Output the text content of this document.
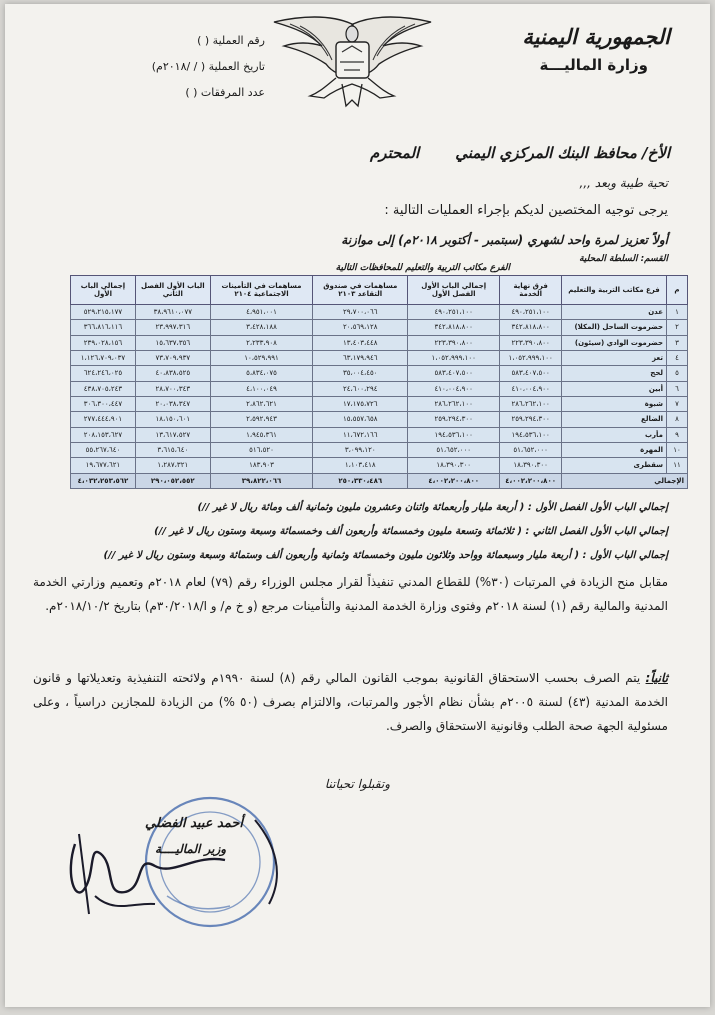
الجمهورية اليمنية
وزارة الماليـــة
رقم العملية ( )
تاريخ العملية ( / /٢٠١٨م)
عدد المرفقات ( )
الأخ/ محافظ البنك المركزي اليمني
المحترم
تحية طيبة وبعد ,,,
يرجى توجيه المختصين لديكم بإجراء العمليات التالية :
أولاً تعزيز لمرة واحد لشهري (سبتمبر - أكتوبر ٢٠١٨م) إلى موازنة
القسم: السلطة المحلية
الفرع مكاتب التربية والتعليم للمحافظات التالية
م	فرع مكاتب التربية والتعليم	فرق نهاية الخدمة	إجمالي الباب الأول الفصل الأول	مساهمات في صندوق التقاعد ٢١٠٣	مساهمات في التأمينات الاجتماعية ٢١٠٤	الباب الأول الفصل الثاني	إجمالي الباب الأول
١	عدن	٤٩٠،٢٥١،١٠٠	٤٩٠،٢٥١،١٠٠	٢٩،٧٠٠،٠٦٦	٤،٩٥١،٠٠١	٣٨،٩٦١٠،٠٧٧	٥٢٩،٢١٥،١٧٧
٢	حضرموت الساحل (المكلا)	٣٤٢،٨١٨،٨٠٠	٣٤٢،٨١٨،٨٠٠	٢٠،٥٦٩،١٢٨	٣،٤٢٨،١٨٨	٢٣،٩٩٧،٣١٦	٣٦٦،٨١٦،١١٦
٣	حضرموت الوادي (سيئون)	٢٢٣،٣٩٠،٨٠٠	٢٢٣،٣٩٠،٨٠٠	١٣،٤٠٣،٤٤٨	٢،٢٣٣،٩٠٨	١٥،٦٣٧،٣٥٦	٢٣٩،٠٢٨،١٥٦
٤	تعز	١،٠٥٢،٩٩٩،١٠٠	١،٠٥٢،٩٩٩،١٠٠	٦٣،١٧٩،٩٤٦	١٠،٥٢٩،٩٩١	٧٣،٧٠٩،٩٣٧	١،١٢٦،٧٠٩،٠٣٧
٥	لحج	٥٨٣،٤٠٧،٥٠٠	٥٨٣،٤٠٧،٥٠٠	٣٥،٠٠٤،٤٥٠	٥،٨٣٤،٠٧٥	٤٠،٨٣٨،٥٢٥	٦٢٤،٢٤٦،٠٢٥
٦	أبين	٤١٠،٠٠٤،٩٠٠	٤١٠،٠٠٤،٩٠٠	٢٤،٦٠٠،٢٩٤	٤،١٠٠،٠٤٩	٢٨،٧٠٠،٣٤٣	٤٣٨،٧٠٥،٢٤٣
٧	شبوة	٢٨٦،٢٦٢،١٠٠	٢٨٦،٢٦٢،١٠٠	١٧،١٧٥،٧٢٦	٢،٨٦٢،٦٢١	٢٠،٠٣٨،٣٤٧	٣٠٦،٣٠٠،٤٤٧
٨	الضالع	٢٥٩،٢٩٤،٣٠٠	٢٥٩،٢٩٤،٣٠٠	١٥،٥٥٧،٦٥٨	٢،٥٩٢،٩٤٣	١٨،١٥٠،٦٠١	٢٧٧،٤٤٤،٩٠١
٩	مأرب	١٩٤،٥٣٦،١٠٠	١٩٤،٥٣٦،١٠٠	١١،٦٧٢،١٦٦	١،٩٤٥،٣٦١	١٣،٦١٧،٥٢٧	٢٠٨،١٥٣،٦٢٧
١٠	المهرة	٥١،٦٥٢،٠٠٠	٥١،٦٥٢،٠٠٠	٣،٠٩٩،١٢٠	٥١٦،٥٢٠	٣،٦١٥،٦٤٠	٥٥،٢٦٧،٦٤٠
١١	سقطرى	١٨،٣٩٠،٣٠٠	١٨،٣٩٠،٣٠٠	١،١٠٣،٤١٨	١٨٣،٩٠٣	١،٢٨٧،٣٢١	١٩،٦٧٧،٦٢١
الإجمالي		٤،٠٠٢،٢٠٠،٨٠٠	٤،٠٠٢،٢٠٠،٨٠٠	٢٥٠،٣٣٠،٤٨٦	٣٩،٨٢٢،٠٦٦	٢٩٠،٠٥٢،٥٥٢	٤،٠٣٢،٢٥٣،٥٦٢
إجمالي الباب الأول الفصل الأول : ( أربعة مليار وأربعمائة واثنان وعشرون مليون وثمانية ألف ومائة ريال لا غير //)
إجمالي الباب الأول الفصل الثاني : ( ثلاثمائة وتسعة مليون وخمسمائة وأربعون ألف وخمسمائة وسبعة وستون ريال لا غير //)
إجمالي الباب الأول : ( أربعة مليار وسبعمائة وواحد وثلاثون مليون وخمسمائة وثمانية وأربعون ألف وستمائة وسبعة وستون ريال لا غير //)
مقابل منح الزيادة في المرتبات (٣٠%) للقطاع المدني تنفيذاً لقرار مجلس الوزراء رقم (٧٩) لعام ٢٠١٨م وتعميم وزارتي الخدمة المدنية والمالية رقم (١) لسنة ٢٠١٨م وفتوى وزارة الخدمة المدنية والتأمينات مرجع (و خ م/ و ا/٣٠/٢٠١٨م) بتاريخ ٢٠١٨/١٠/٢م.
ثانياً: يتم الصرف بحسب الاستحقاق القانونية بموجب القانون المالي رقم (٨) لسنة ١٩٩٠م ولائحته التنفيذية وتعديلاتها و قانون الخدمة المدنية (٤٣) لسنة ٢٠٠٥م بشأن نظام الأجور والمرتبات، والالتزام بصرف (٥٠ %) من الزيادة للمجازين دراسياً ، وعلى مسئولية الجهة صحة الطلب وقانونية الاستحقاق والصرف.
وتقبلوا تحياتنا
أحمد عبيد الفضلي
وزير الماليــــة
